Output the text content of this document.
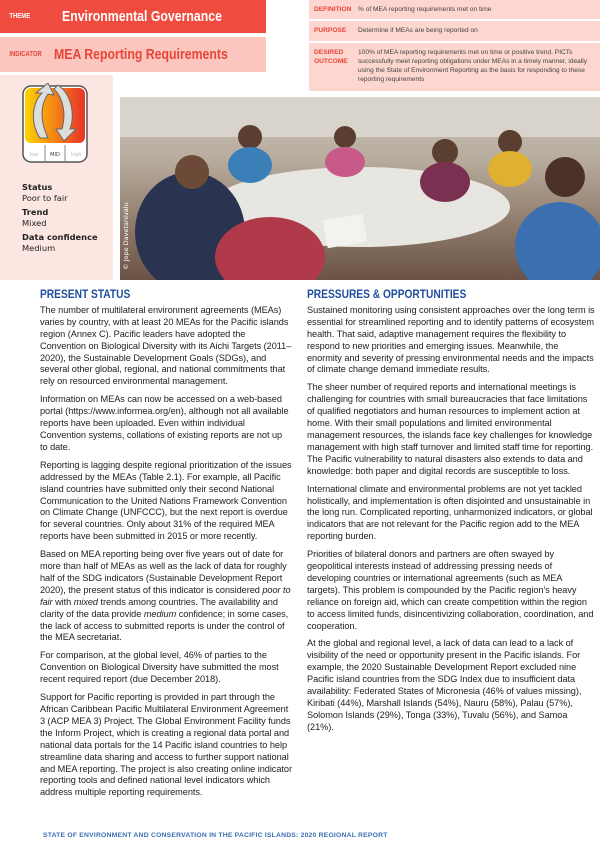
THEME	Environmental Governance
INDICATOR MEA Reporting Requirements
DEFINITION	% of MEA reporting requirements met on time
PURPOSE	Determine if MEAs are being reported on
DESIRED OUTCOME
100% of MEA reporting requirements met on time or positive trend. PICTs successfully meet reporting obligations under MEAs in a timely manner, ideally using the State of Environment Reporting as the basis for responding to these reporting requirements
low MID high
Status
Poor to fair
Trend
Mixed
Data confidence
Medium	© Jope Davetanivalu
PRESENT STATUS

The number of multilateral environment agreements (MEAs) varies by country, with at least 20 MEAs for the Pacific islands region (Annex C). Pacific leaders have adopted the Convention on Biological Diversity with its Aichi Targets (2011–2020), the Sustainable Development Goals (SDGs), and several other global, regional, and national commitments that rely on resourced environmental management.

Information on MEAs can now be accessed on a web-based portal (https://www.informea.org/en), although not all available reports have been uploaded. Even within individual Convention systems, collations of existing reports are not up to date.

Reporting is lagging despite regional prioritization of the issues addressed by the MEAs (Table 2.1). For example, all Pacific island countries have submitted only their second National Communication to the United Nations Framework Convention on Climate Change (UNFCCC), but the next report is overdue for several countries. Only about 31% of the required MEA reports have been submitted in 2015 or more recently.

Based on MEA reporting being over five years out of date for more than half of MEAs as well as the lack of data for roughly half of the SDG indicators (Sustainable Development Report 2020), the present status of this indicator is considered poor to fair with mixed trends among countries. The availability and clarity of the data provide medium confidence; in some cases, the lack of access to submitted reports is under the control of the MEA secretariat.

For comparison, at the global level, 46% of parties to the Convention on Biological Diversity have submitted the most recent required report (due December 2018).

Support for Pacific reporting is provided in part through the African Caribbean Pacific Multilateral Environment Agreement 3 (ACP MEA 3) Project. The Global Environment Facility funds the Inform Project, which is creating a regional data portal and national data portals for the 14 Pacific island countries to help streamline data sharing and access to further support national and MEA reporting. The project is also creating online indicator reporting tools and defined national level indicators which address multiple reporting requirements.

PRESSURES & OPPORTUNITIES

Sustained monitoring using consistent approaches over the long term is essential for streamlined reporting and to identify patterns of ecosystem health. That said, adaptive management requires the flexibility to respond to new priorities and emerging issues. Meanwhile, the enormity and severity of pressing environmental needs and the impacts of climate change demand immediate results.

The sheer number of required reports and international meetings is challenging for countries with small bureaucracies that face limitations of qualified negotiators and human resources to implement action at home. With their small populations and limited environmental management resources, the islands face key challenges for knowledge management with high staff turnover and limited staff time for reporting. The Pacific vulnerability to natural disasters also extends to data and knowledge: both paper and digital records are susceptible to loss.

International climate and environmental problems are not yet tackled holistically, and implementation is often disjointed and unsustainable in the long run. Complicated reporting, unharmonized indicators, or global indicators that are not relevant for the Pacific region add to the MEA reporting burden.

Priorities of bilateral donors and partners are often swayed by geopolitical interests instead of addressing pressing needs of developing countries or international agreements (such as MEA targets). This problem is compounded by the Pacific region's heavy reliance on foreign aid, which can create competition within the region to access limited funds, disincentivizing collaboration, coordination, and cooperation.

At the global and regional level, a lack of data can lead to a lack of visibility of the need or opportunity present in the Pacific islands. For example, the 2020 Sustainable Development Report excluded nine Pacific island countries from the SDG Index due to insufficient data availability: Federated States of Micronesia (46% of values missing), Kiribati (44%), Marshall Islands (54%), Nauru (58%), Palau (57%), Solomon Islands (29%), Tonga (33%), Tuvalu (56%), and Samoa (21%).

STATE OF ENVIRONMENT AND CONSERVATION IN THE PACIFIC ISLANDS: 2020 REGIONAL REPORT
